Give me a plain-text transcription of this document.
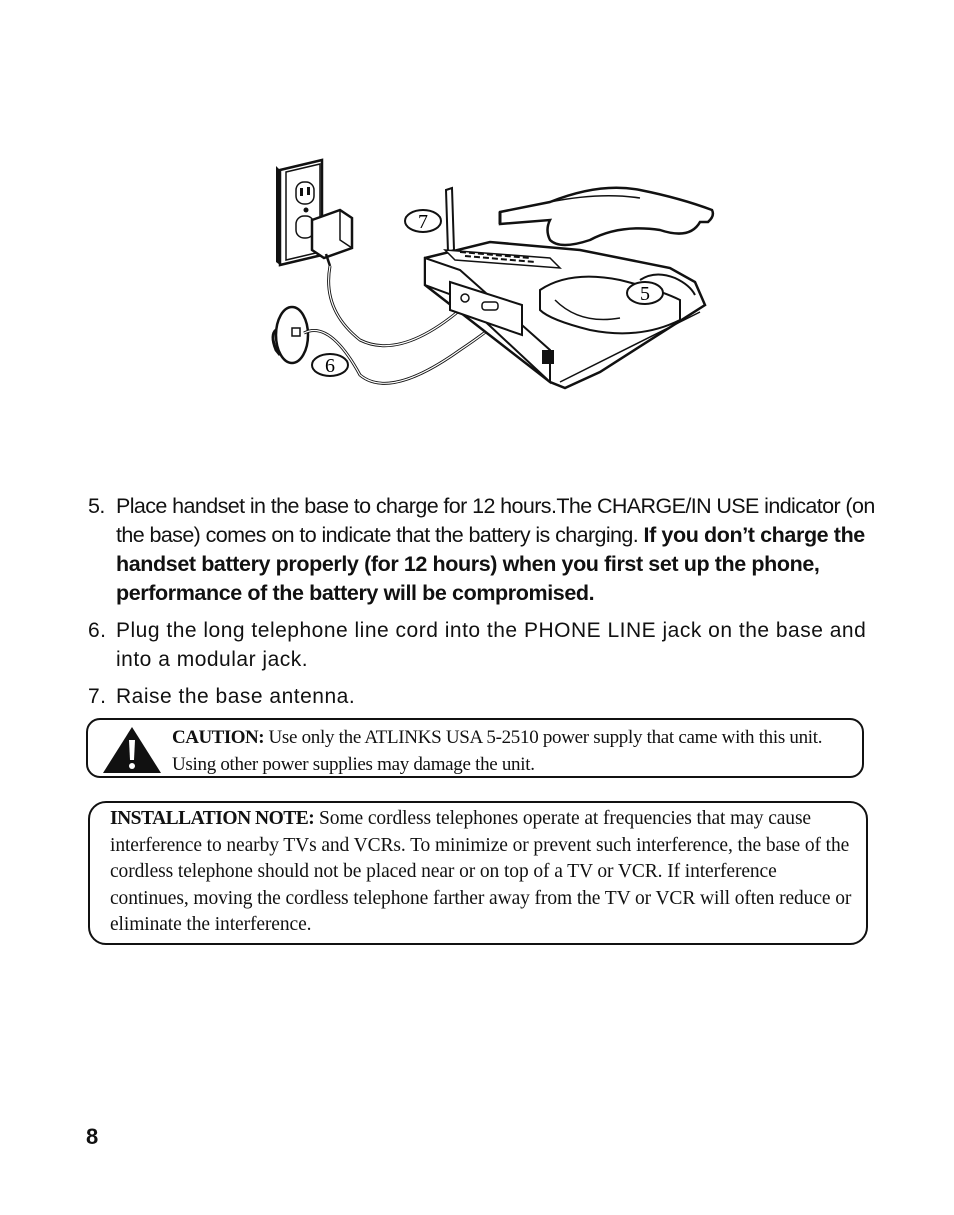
7
5
6
5. Place handset in the base to charge for 12 hours.The CHARGE/IN USE indicator (on the base) comes on to indicate that the battery is charging. If you don’t charge the handset battery properly (for 12 hours) when you first set up the phone, performance of the battery will be compromised.
6. Plug the long telephone line cord into the PHONE LINE jack on the base and into a modular jack.
7. Raise the base antenna.
CAUTION: Use only the ATLINKS USA 5-2510 power supply that came with this unit. Using other power supplies may damage the unit.
INSTALLATION NOTE: Some cordless telephones operate at frequencies that may cause interference to nearby TVs and VCRs. To minimize or prevent such interference, the base of the cordless telephone should not be placed near or on top of a TV or VCR. If interference continues, moving the cordless telephone farther away from the TV or VCR will often reduce or eliminate the interference.
8
